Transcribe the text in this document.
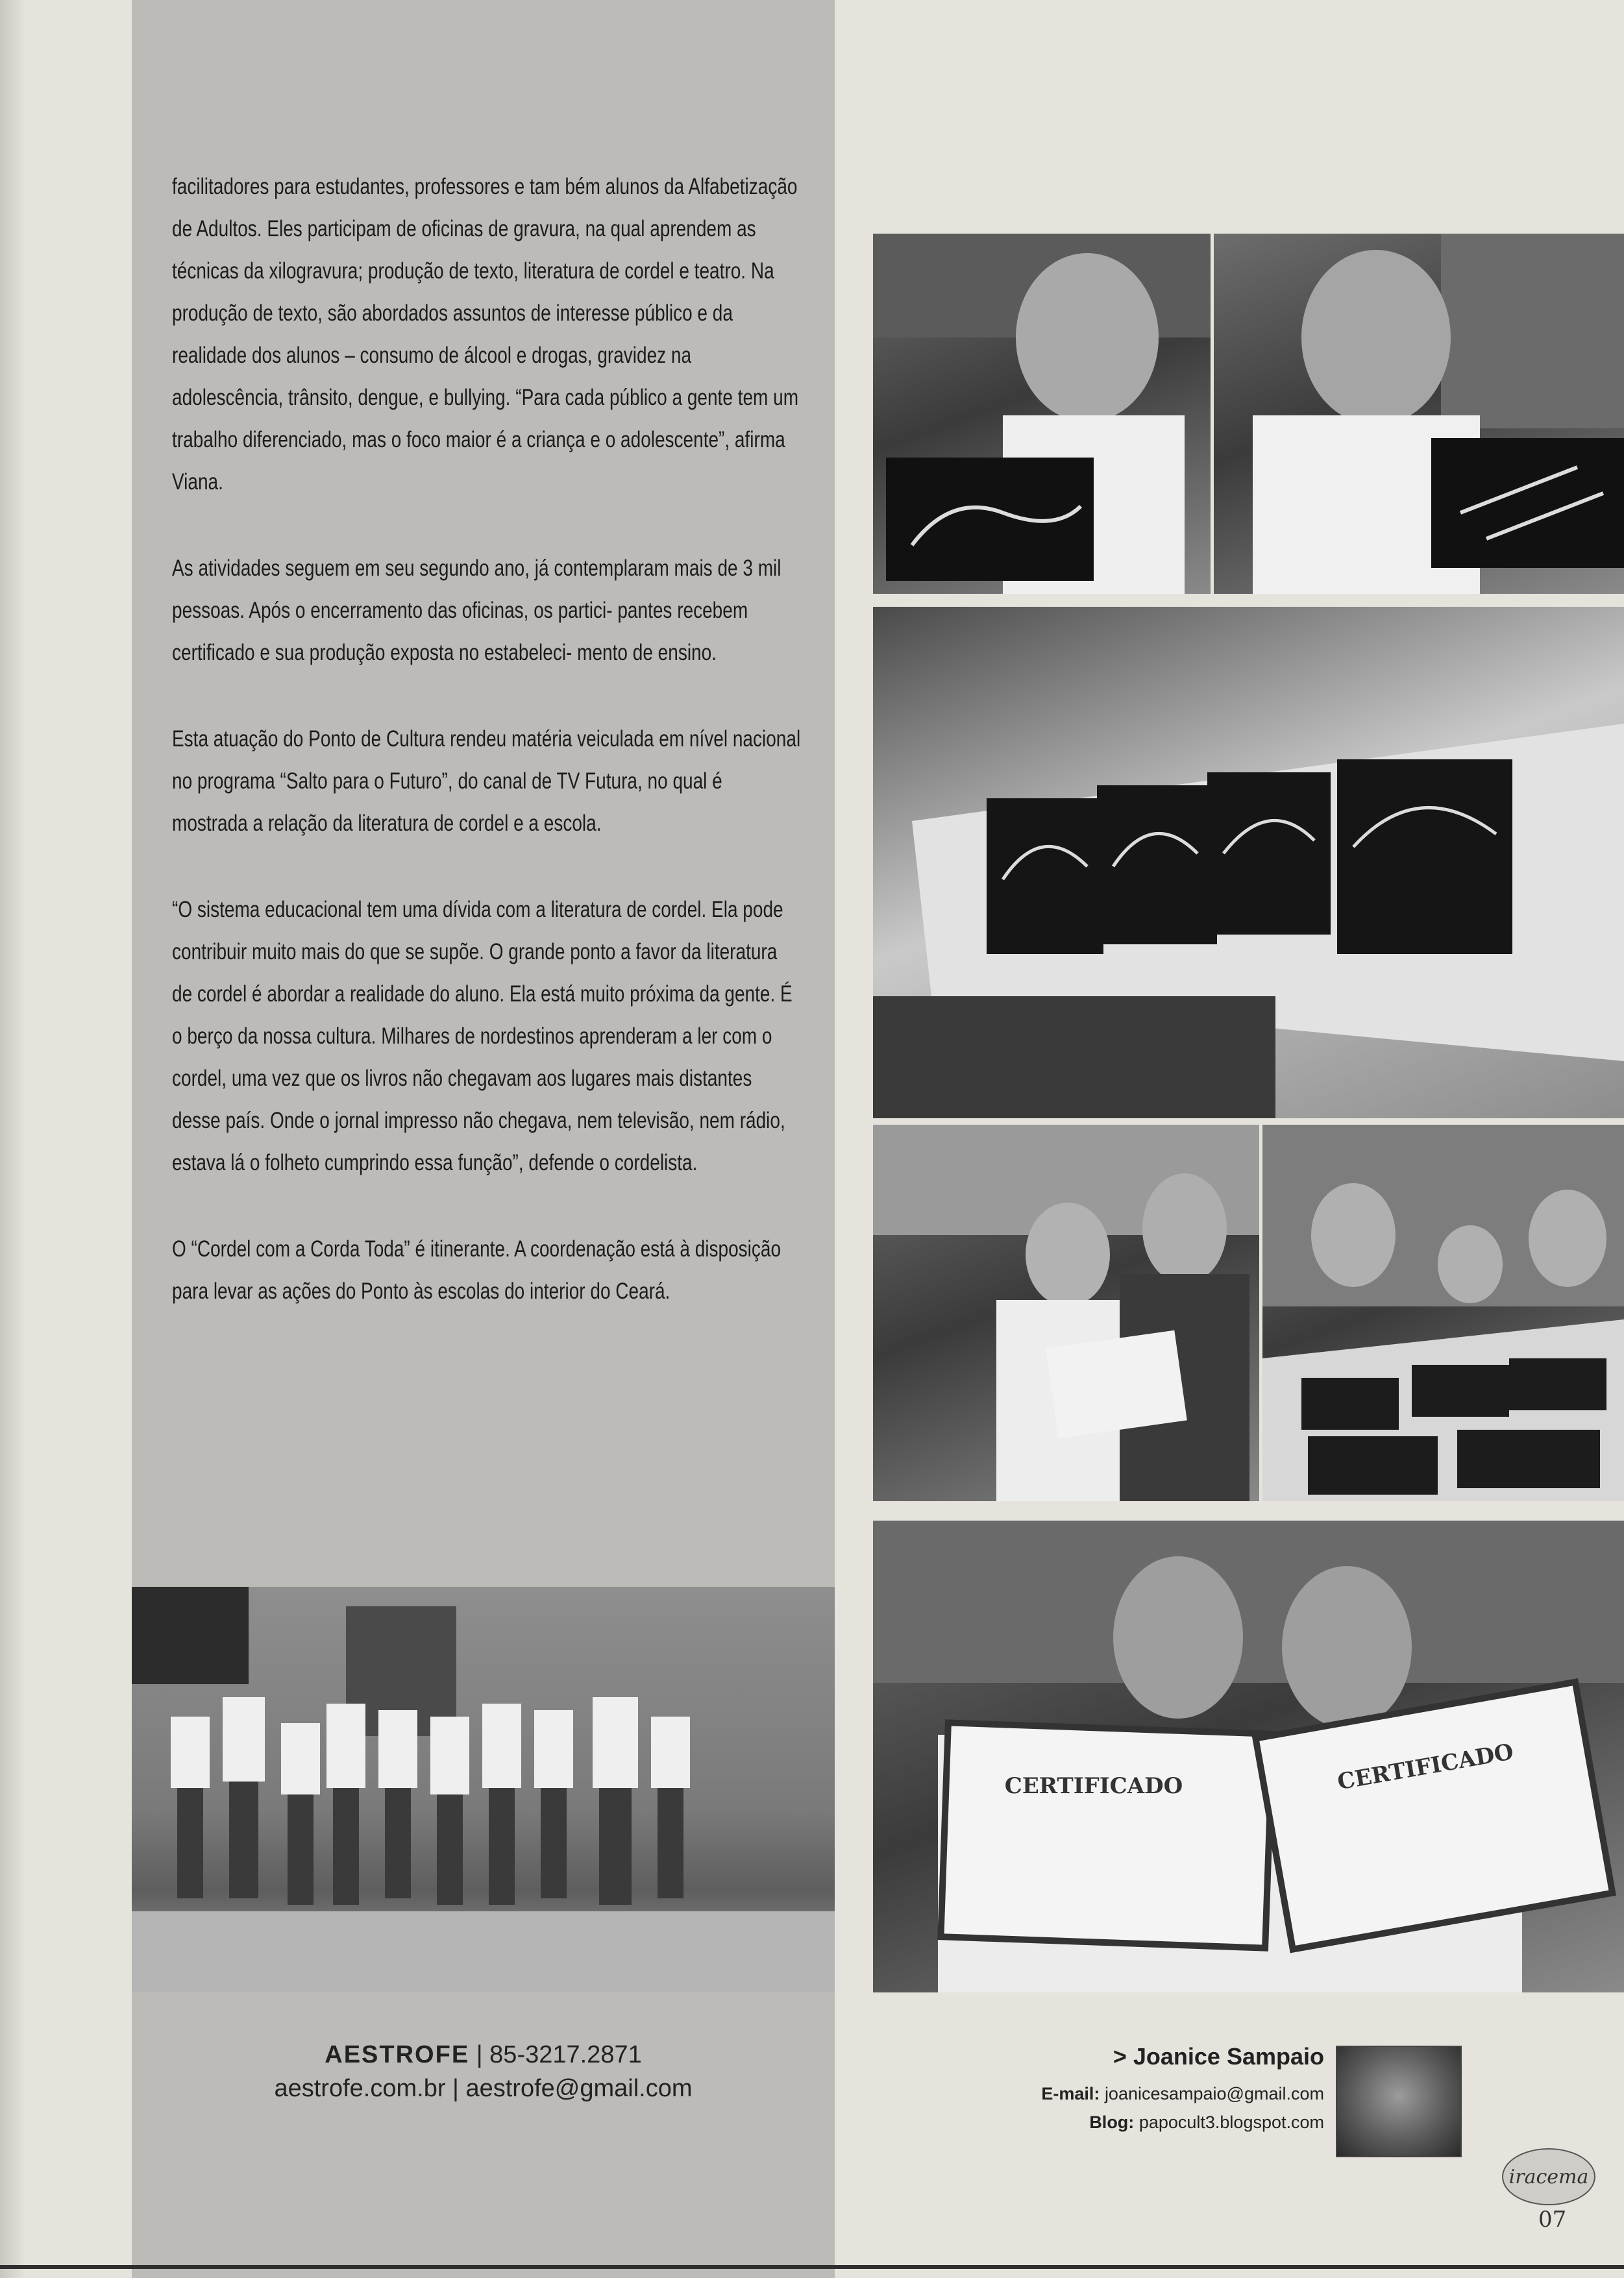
facilitadores para estudantes, professores e tam bém alunos da Alfabetização de Adultos. Eles participam de oficinas de gravura, na qual aprendem as técnicas da xilogravura; produção de texto, literatura de cordel e teatro. Na produção de texto, são abordados assuntos de interesse público e da realidade dos alunos – consumo de álcool e drogas, gravidez na adolescência, trânsito, dengue, e bullying. “Para cada público a gente tem um trabalho diferenciado, mas o foco maior é a criança e o adolescente”, afirma Viana.

As atividades seguem em seu segundo ano, já contemplaram mais de 3 mil pessoas. Após o encerramento das oficinas, os partici- pantes recebem certificado e sua produção exposta no estabeleci- mento de ensino.

Esta atuação do Ponto de Cultura rendeu matéria veiculada em nível nacional no programa “Salto para o Futuro”, do canal de TV Futura, no qual é mostrada a relação da literatura de cordel e a escola.

“O sistema educacional tem uma dívida com a literatura de cordel. Ela pode contribuir muito mais do que se supõe. O grande ponto a favor da literatura de cordel é abordar a realidade do aluno. Ela está muito próxima da gente. É o berço da nossa cultura. Milhares de nordestinos aprenderam a ler com o cordel, uma vez que os livros não chegavam aos lugares mais distantes desse país. Onde o jornal impresso não chegava, nem televisão, nem rádio, estava lá o folheto cumprindo essa função”, defende o cordelista.

O “Cordel com a Corda Toda” é itinerante. A coordenação está à disposição para levar as ações do Ponto às escolas do interior do Ceará.

CERTIFICADO	CERTIFICADO
AESTROFE | 85-3217.2871
aestrofe.com.br | aestrofe@gmail.com
> Joanice Sampaio
E-mail: joanicesampaio@gmail.com
Blog: papocult3.blogspot.com
iracema
07
